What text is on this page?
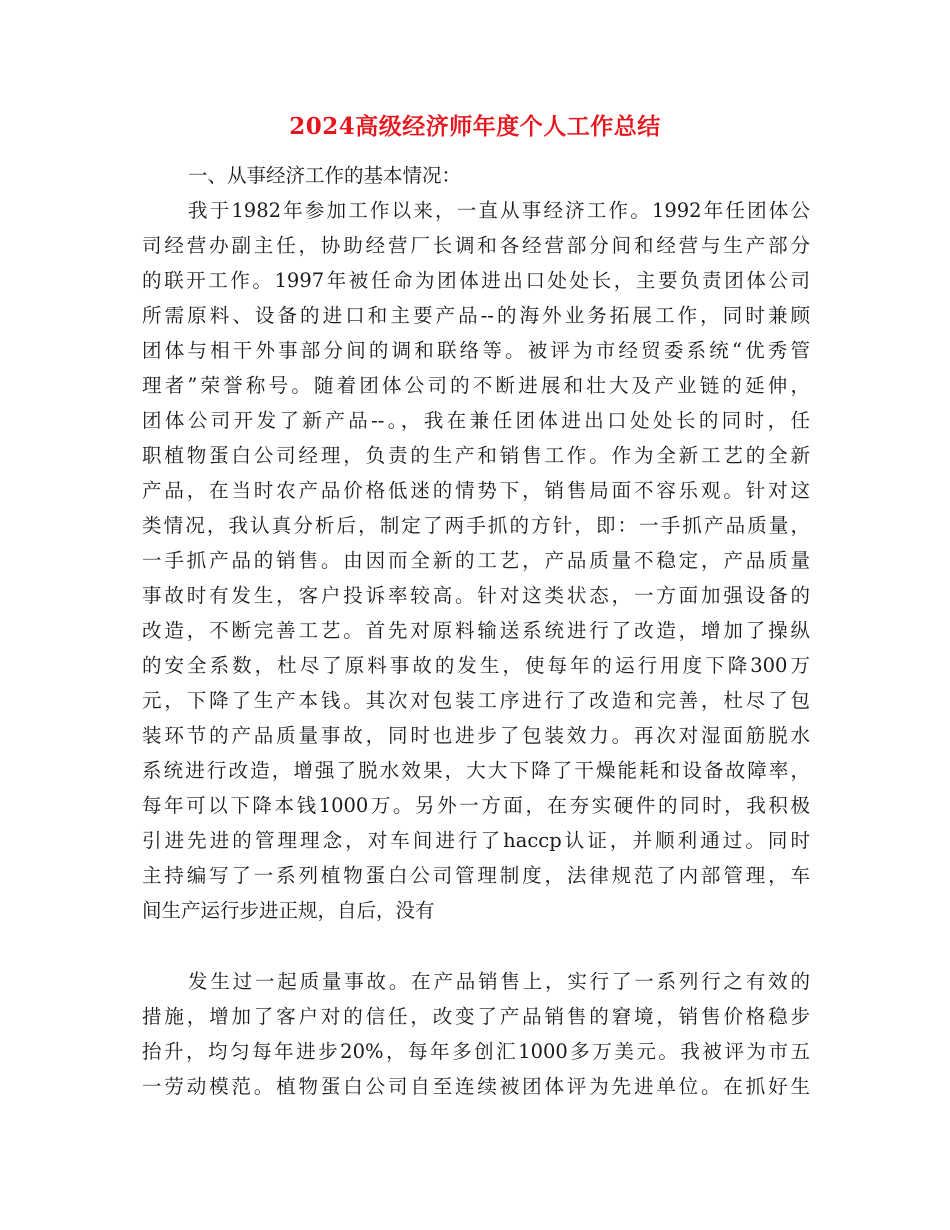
2024高级经济师年度个人工作总结
一、从事经济工作的基本情况：
我于1982年参加工作以来，一直从事经济工作。1992年任团体公
司经营办副主任，协助经营厂长调和各经营部分间和经营与生产部分
的联开工作。1997年被任命为团体进出口处处长，主要负责团体公司
所需原料、设备的进口和主要产品--的海外业务拓展工作，同时兼顾
团体与相干外事部分间的调和联络等。被评为市经贸委系统“优秀管
理者”荣誉称号。随着团体公司的不断进展和壮大及产业链的延伸，
团体公司开发了新产品--。，我在兼任团体进出口处处长的同时，任
职植物蛋白公司经理，负责的生产和销售工作。作为全新工艺的全新
产品，在当时农产品价格低迷的情势下，销售局面不容乐观。针对这
类情况，我认真分析后，制定了两手抓的方针，即：一手抓产品质量，
一手抓产品的销售。由因而全新的工艺，产品质量不稳定，产品质量
事故时有发生，客户投诉率较高。针对这类状态，一方面加强设备的
改造，不断完善工艺。首先对原料输送系统进行了改造，增加了操纵
的安全系数，杜尽了原料事故的发生，使每年的运行用度下降300万
元，下降了生产本钱。其次对包装工序进行了改造和完善，杜尽了包
装环节的产品质量事故，同时也进步了包装效力。再次对湿面筋脱水
系统进行改造，增强了脱水效果，大大下降了干燥能耗和设备故障率，
每年可以下降本钱1000万。另外一方面，在夯实硬件的同时，我积极
引进先进的管理理念，对车间进行了haccp认证，并顺利通过。同时
主持编写了一系列植物蛋白公司管理制度，法律规范了内部管理，车
间生产运行步进正规，自后，没有
发生过一起质量事故。在产品销售上，实行了一系列行之有效的
措施，增加了客户对的信任，改变了产品销售的窘境，销售价格稳步
抬升，均匀每年进步20%，每年多创汇1000多万美元。我被评为市五
一劳动模范。植物蛋白公司自至连续被团体评为先进单位。在抓好生
